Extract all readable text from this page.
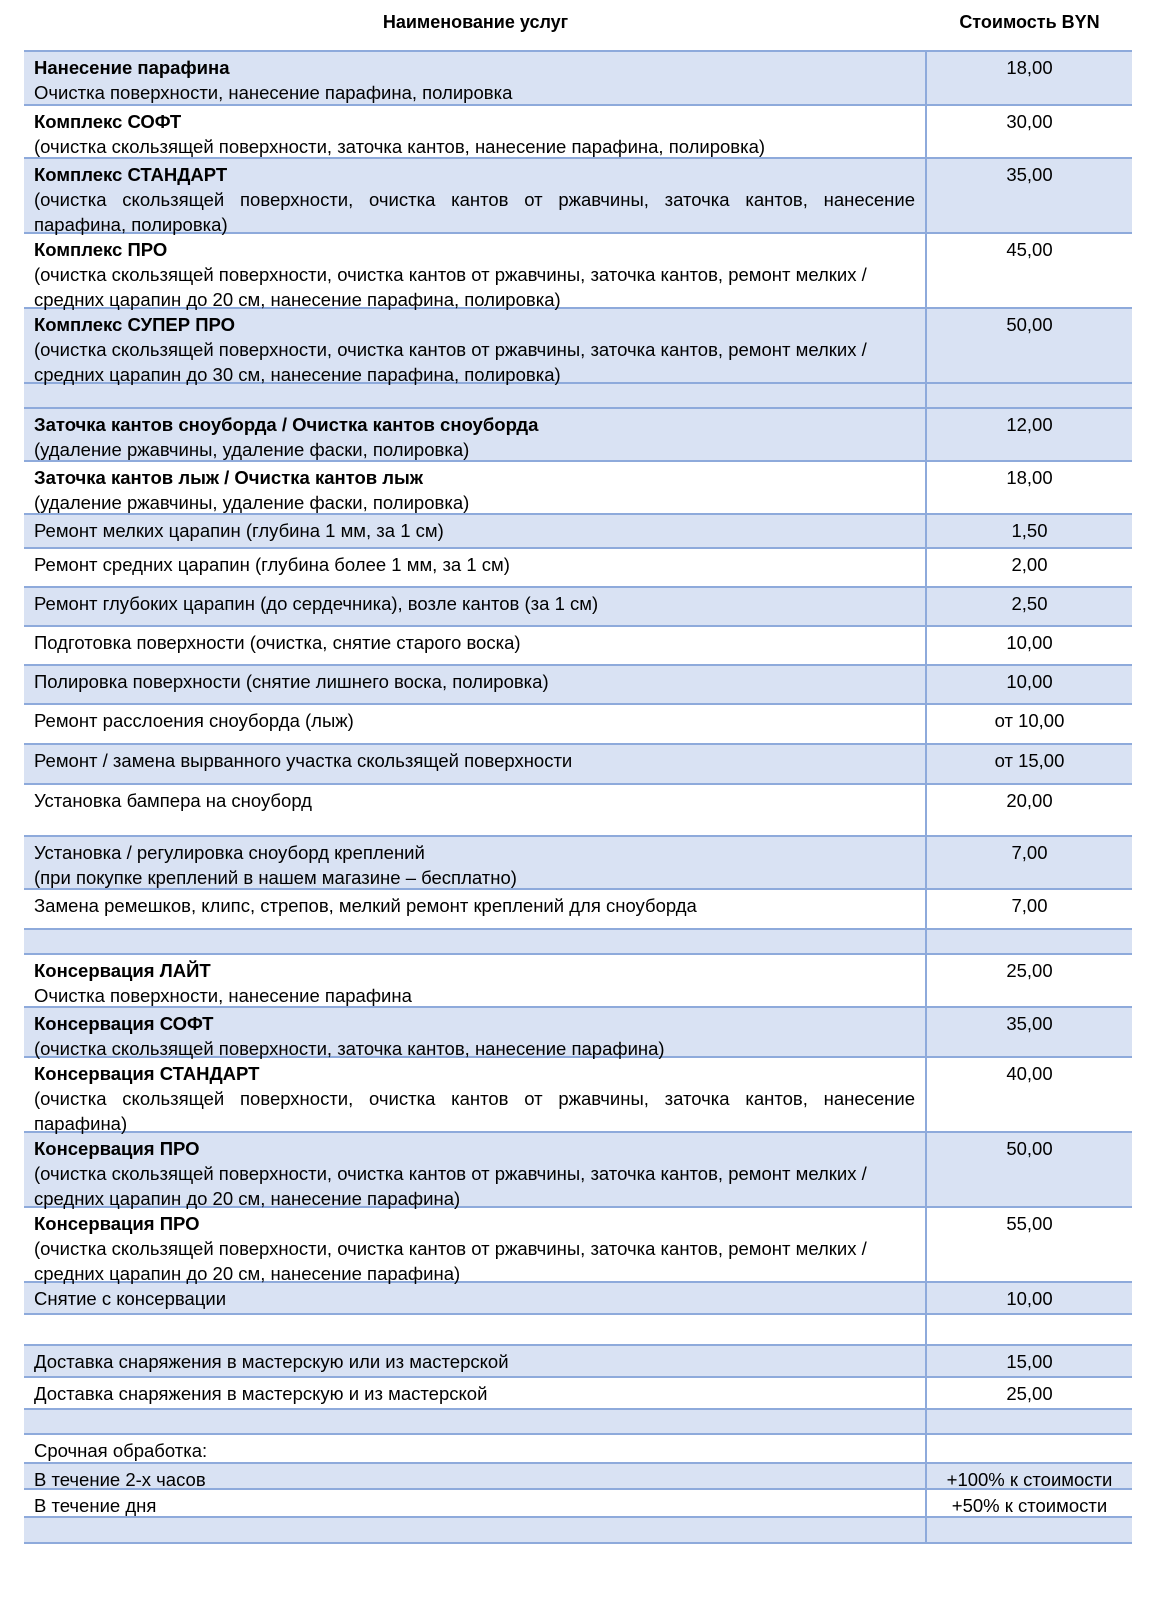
Наименование услуг	Стоимость BYN
Нанесение парафина
Очистка поверхности, нанесение парафина, полировка
18,00
Комплекс СОФТ
(очистка скользящей поверхности, заточка кантов, нанесение парафина, полировка)
30,00
Комплекс СТАНДАРТ
(очистка скользящей поверхности, очистка кантов от ржавчины, заточка кантов, нанесение парафина, полировка)
35,00
Комплекс ПРО
(очистка скользящей поверхности, очистка кантов от ржавчины, заточка кантов, ремонт мелких / средних царапин до 20 см, нанесение парафина, полировка)
45,00
Комплекс СУПЕР ПРО
(очистка скользящей поверхности, очистка кантов от ржавчины, заточка кантов, ремонт мелких / средних царапин до 30 см, нанесение парафина, полировка)
50,00
Заточка кантов сноуборда / Очистка кантов сноуборда
(удаление ржавчины, удаление фаски, полировка)
12,00
Заточка кантов лыж / Очистка кантов лыж
(удаление ржавчины, удаление фаски, полировка)
18,00
Ремонт мелких царапин (глубина 1 мм, за 1 см)	1,50
Ремонт средних царапин (глубина более 1 мм, за 1 см)	2,00
Ремонт глубоких царапин (до сердечника), возле кантов (за 1 см)	2,50
Подготовка поверхности (очистка, снятие старого воска)	10,00
Полировка поверхности (снятие лишнего воска, полировка)	10,00
Ремонт расслоения сноуборда (лыж)	от 10,00
Ремонт / замена вырванного участка скользящей поверхности	от 15,00
Установка бампера на сноуборд	20,00
Установка / регулировка сноуборд креплений
(при покупке креплений в нашем магазине – бесплатно)
7,00
Замена ремешков, клипс, стрепов, мелкий ремонт креплений для сноуборда	7,00
Консервация ЛАЙТ
Очистка поверхности, нанесение парафина
25,00
Консервация СОФТ
(очистка скользящей поверхности, заточка кантов, нанесение парафина)
35,00
Консервация СТАНДАРТ
(очистка скользящей поверхности, очистка кантов от ржавчины, заточка кантов, нанесение парафина)
40,00
Консервация ПРО
(очистка скользящей поверхности, очистка кантов от ржавчины, заточка кантов, ремонт мелких / средних царапин до 20 см, нанесение парафина)
50,00
Консервация ПРО
(очистка скользящей поверхности, очистка кантов от ржавчины, заточка кантов, ремонт мелких / средних царапин до 20 см, нанесение парафина)
55,00
Снятие с консервации	10,00
Доставка снаряжения в мастерскую или из мастерской	15,00
Доставка снаряжения в мастерскую и из мастерской	25,00
Срочная обработка:
В течение 2-х часов	+100% к стоимости
В течение дня	+50% к стоимости
